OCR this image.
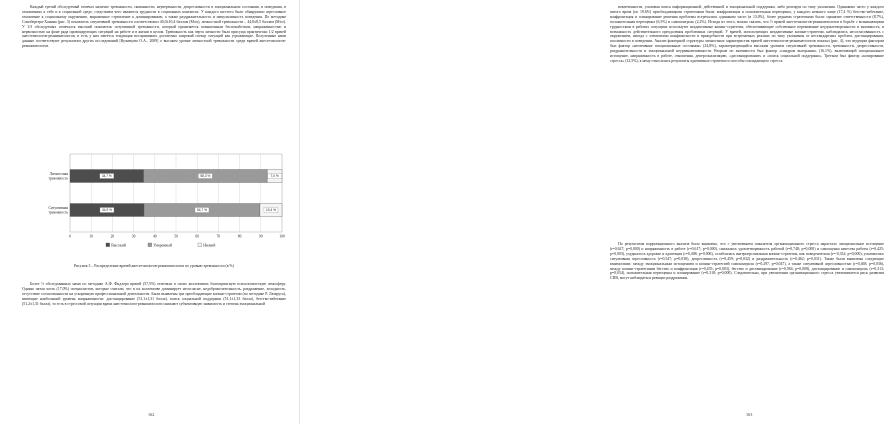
Каждый третий обследуемый отмечал наличие тревожности, скованности, неуверенности, депрессивности в эмоциональном состоянии, в поведении, в отношениях к себе и к социальной среде, следствием чего являются трудности в социальных контактах. У каждого шестого было обнаружено агрессивное отношение к социальному окружению, выраженное стремление к доминированию, а также раздражительность и импульсивность поведения. По методике Спилбергера-Ханина (рис. 3) показатель ситуативной тревожности соответствовал 40,0±10,4 баллам (М±σ), личностной тревожности – 44,8±8,5 баллам (М±σ). У 1/3 обследуемых отмечался высокий показатель ситуативной тревожности, который проявляется повышенным беспокойством, напряженностью и нервозностью на фоне ряда провоцирующих ситуаций на работе и в жизни в целом. Тревожность как черта личности была присуща практически 1/2 врачей анестезиологов-реаниматологов, и есть у них имеется тенденция воспринимать достаточно широкий спектр ситуаций как угрожающие. Полученные нами данные соответствуют результатам других исследований [Кузнецова О.А., 2009] о высоком уровне личностной тревожности среди врачей анестезиологов-реаниматологов.

0	10	20	30	40	50	60	70	80	90	100
Личностная
тревожность
Ситуативная
тревожность
34,7 %	58,3 %	7,0 %
34,9 %	54,7 %	10,4 %
Высокий	Умеренный	Низкий

Рисунок 3 – Распределение врачей анестезиологов-реаниматологов по уровню тревожности (в %)

Более ½ обследованных нами по методике А.Ф. Фидлера врачей (57,5%) отмечали в своих коллективах благоприятную психологическую атмосферу. Однако пятая часть (17,0%) специалистов, которые считали, что в их коллективе доминирует несогласие, недоброжелательность, раздражение, холодность, отсутствие согласованности на ускоренную профессиональной деятельности. Были выявлены три преобладающие копинг-стратегии (по методике Р. Лазаруса), имеющие наибольший уровень напряженности: дистанцирование (51,1±1,31 балла), поиск социальной поддержки (51,1±1,33 балла), бегство-избегание (51,2±1,31 балла), то есть в стрессовой ситуации врачи анестезиологи-реаниматологи снижают субъективную значимость и степень эмоциональной

162

вовлеченности, усиливая поиск информационной, действенной и эмоциональной поддержки, либо реагируя по типу уклонения. Одинаково часто у каждого пятого врача (по 19,6%) преобладающими стратегиями были: конфронтация и положительная переоценка, у каждого немного чаще (17,4 %) бегство-избегание, конфронтация и планирование решения проблемы встречались одинаково часто (в 13,0%), более редкими стратегиями были: принятие ответственности (8,7%), положительная переоценка (6,5%) и самоконтроль (2,2%). Исходя из этого, можно сказать, что ½ врачей анестезиологов-реаниматологов в борьбе с возникающими трудностями в рабочих ситуациях используют неадаптивные копинг-стратегии, обеспечивающие собственное переживание неудовлетворенности и значимость, и возможность действительного преодоления проблемных ситуаций. У врачей, использующих неадаптивные копинг-стратегии, наблюдались несогласованность с окружением, иногда с элементами конфликтности и враждебности при встречаемых реалиях по типу уклонения от нестандартных проблем, дистанцирования, пассивности в поведении. Анализ факторной структуры личностных характеристик врачей анестезиологов-реаниматологов показал (рис. 4), что ведущим фактором был фактор «негативные эмоциональные состояния» (24,8%), характеризующийся высоким уровнем ситуативной тревожности, тревожности, депрессивности, раздражительности и эмоциональной неуравновешенности. Вторым по значимости был фактор «синдром выгорания» (16,1%), включающий эмоциональное истощение, напряженность в работе, отношения, деперсонализацию, «дистанцирование» и «поиск социальной поддержки». Третьим был фактор «копирование стресса» (12,5%), к нему относились результаты адаптивные стратегии и способы совладающего стресса.

По результатам корреляционного анализа было выявлено, что с увеличением показателя организационного стресса нарастало эмоциональное истощение (r=0,627; p=0,000) и напряженность в работе (r=0,617; p=0,000), снижались удовлетворенность работой (r=0,748; p=0,000) и самооценка качества работы (r=0,425; p=0,003), ухудшалось здоровье и адаптация (r=0,408; p=0,006), ослаблялась интерперсональная копинг-стратегия, как поведенческая (r=-0,332; p=0,000); усиливалась ситуативная агрессивность (r=0,547; p=0,038), депрессивность (r=0,459; p=0,032) и раздражительность (r=0,462; p=0,031). Также были выявлены следующие взаимосвязи: между эмоциональным истощением и копинг-стратегией самоконтроля (r=0,297, p=0,047), а также ситуативной агрессивностью (r=0,468, p=0,036), между копинг-стратегиями бегство и конфронтация (r=0,435; p=0,003), бегство и дистанцирование (r=0,584; p=0,008), дистанцирование и самоконтроль (r=0,313; p=0,034), положительная переоценка и планирование (r=0,318; p=0,000). Следовательно, при увеличении организационного стресса увеличивается риск развития СПВ, могут наблюдаться реакции раздражения.

163
